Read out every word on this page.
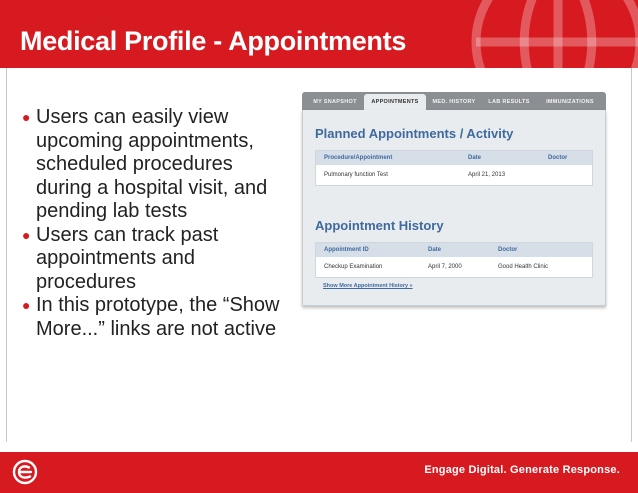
Medical Profile - Appointments
● Users can easily view upcoming appointments, scheduled procedures during a hospital visit, and pending lab tests
● Users can track past appointments and procedures
● In this prototype, the “Show More...” links are not active
MY SNAPSHOT	APPOINTMENTS	MED. HISTORY	LAB RESULTS	IMMUNIZATIONS
Planned Appointments / Activity
Procedure/Appointment	Date	Doctor
Pulmonary function Test	April 21, 2013
Appointment History
Appointment ID	Date	Doctor
Checkup Examination	April 7, 2000	Good Health Clinic
Show More Appointment History »
Engage Digital. Generate Response.
